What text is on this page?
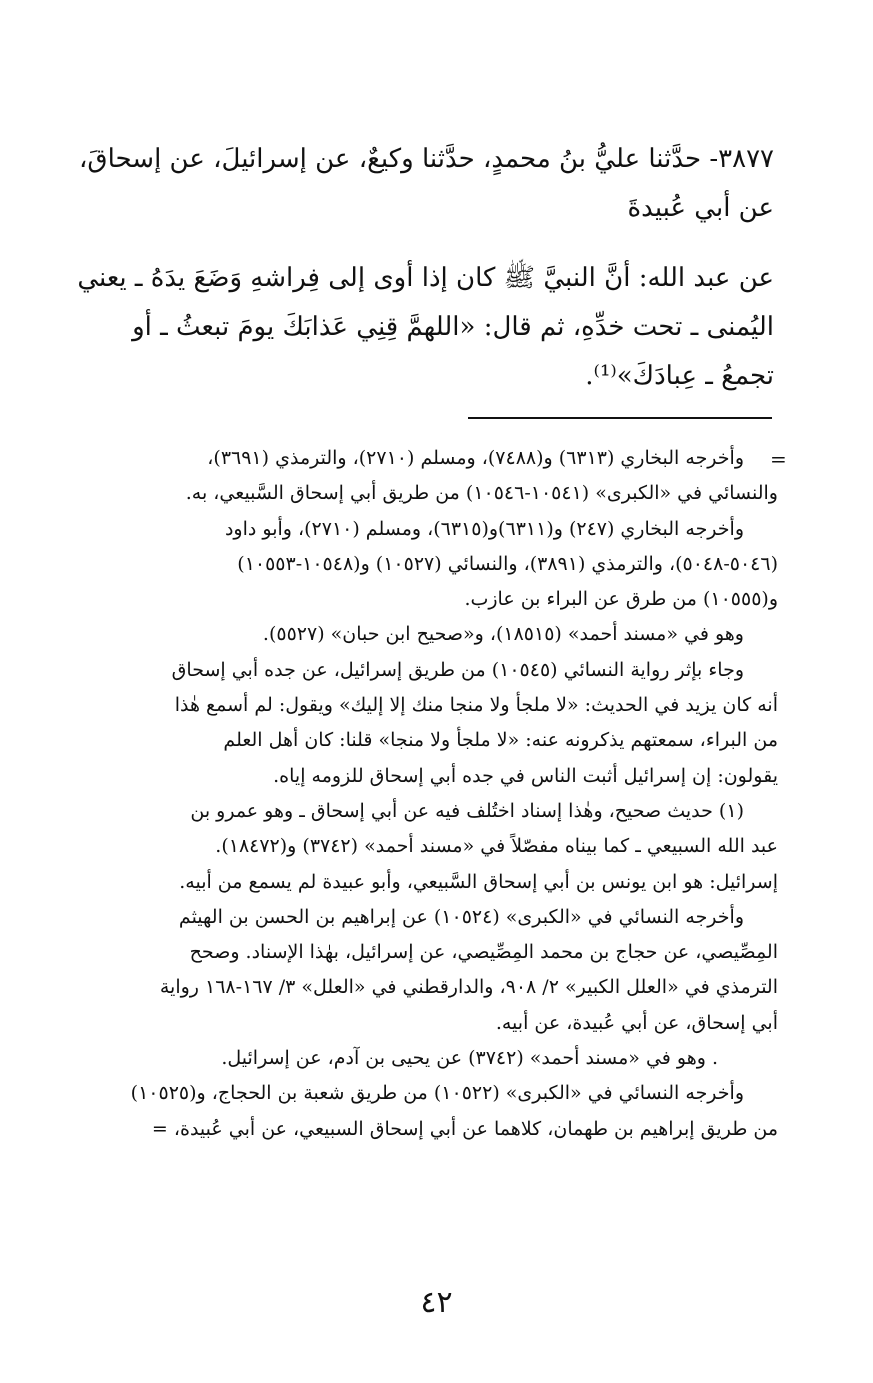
٣٨٧٧- حدَّثنا عليُّ بنُ محمدٍ، حدَّثنا وكيعٌ، عن إسرائيلَ، عن إسحاقَ،
عن أبي عُبيدةَ
عن عبد الله: أنَّ النبيَّ ﷺ كان إذا أوى إلى فِراشهِ وَضَعَ يدَهُ ـ يعني
اليُمنى ـ تحت خدِّهِ، ثم قال: «اللهمَّ قِنِي عَذابَكَ يومَ تبعثُ ـ أو
تجمعُ ـ عِبادَكَ»⁽¹⁾.
=
وأخرجه البخاري (٦٣١٣) و(٧٤٨٨)، ومسلم (٢٧١٠)، والترمذي (٣٦٩١)،
والنسائي في «الكبرى» (١٠٥٤١-١٠٥٤٦) من طريق أبي إسحاق السَّبيعي، به.
وأخرجه البخاري (٢٤٧) و(٦٣١١)و(٦٣١٥)، ومسلم (٢٧١٠)، وأبو داود
(٥٠٤٦-٥٠٤٨)، والترمذي (٣٨٩١)، والنسائي (١٠٥٢٧) و(١٠٥٤٨-١٠٥٥٣)
و(١٠٥٥٥) من طرق عن البراء بن عازب.
وهو في «مسند أحمد» (١٨٥١٥)، و«صحيح ابن حبان» (٥٥٢٧).
وجاء بإثر رواية النسائي (١٠٥٤٥) من طريق إسرائيل، عن جده أبي إسحاق
أنه كان يزيد في الحديث: «لا ملجأ ولا منجا منك إلا إليك» ويقول: لم أسمع هٰذا
من البراء، سمعتهم يذكرونه عنه: «لا ملجأ ولا منجا» قلنا: كان أهل العلم
يقولون: إن إسرائيل أثبت الناس في جده أبي إسحاق للزومه إياه.
(١) حديث صحيح، وهٰذا إسناد اختُلف فيه عن أبي إسحاق ـ وهو عمرو بن
عبد الله السبيعي ـ كما بيناه مفصّلاً في «مسند أحمد» (٣٧٤٢) و(١٨٤٧٢).
إسرائيل: هو ابن يونس بن أبي إسحاق السَّبيعي، وأبو عبيدة لم يسمع من أبيه.
وأخرجه النسائي في «الكبرى» (١٠٥٢٤) عن إبراهيم بن الحسن بن الهيثم
المِصِّيصي، عن حجاج بن محمد المِصِّيصي، عن إسرائيل، بهٰذا الإسناد. وصحح
الترمذي في «العلل الكبير» ٢/ ٩٠٨، والدارقطني في «العلل» ٣/ ١٦٧-١٦٨ رواية
أبي إسحاق، عن أبي عُبيدة، عن أبيه.
. وهو في «مسند أحمد» (٣٧٤٢) عن يحيى بن آدم، عن إسرائيل.
وأخرجه النسائي في «الكبرى» (١٠٥٢٢) من طريق شعبة بن الحجاج، و(١٠٥٢٥)
من طريق إبراهيم بن طهمان، كلاهما عن أبي إسحاق السبيعي، عن أبي عُبيدة، =
٤٢
